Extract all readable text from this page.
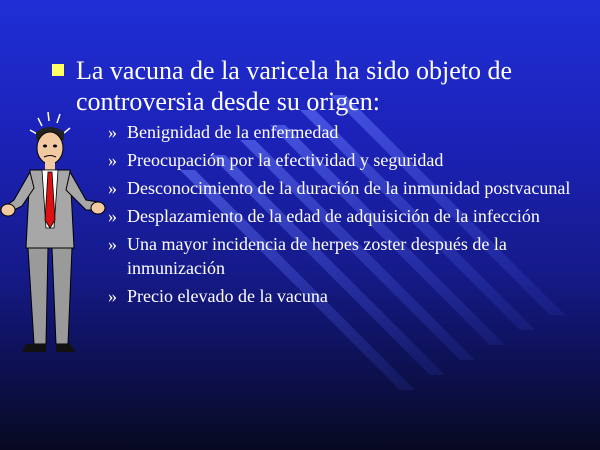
La vacuna de la varicela ha sido objeto de controversia desde su origen:
» Benignidad de la enfermedad
» Preocupación por la efectividad y seguridad
» Desconocimiento de la duración de la inmunidad postvacunal
» Desplazamiento de la edad de adquisición de la infección
» Una mayor incidencia de herpes zoster después de la inmunización
» Precio elevado de la vacuna
